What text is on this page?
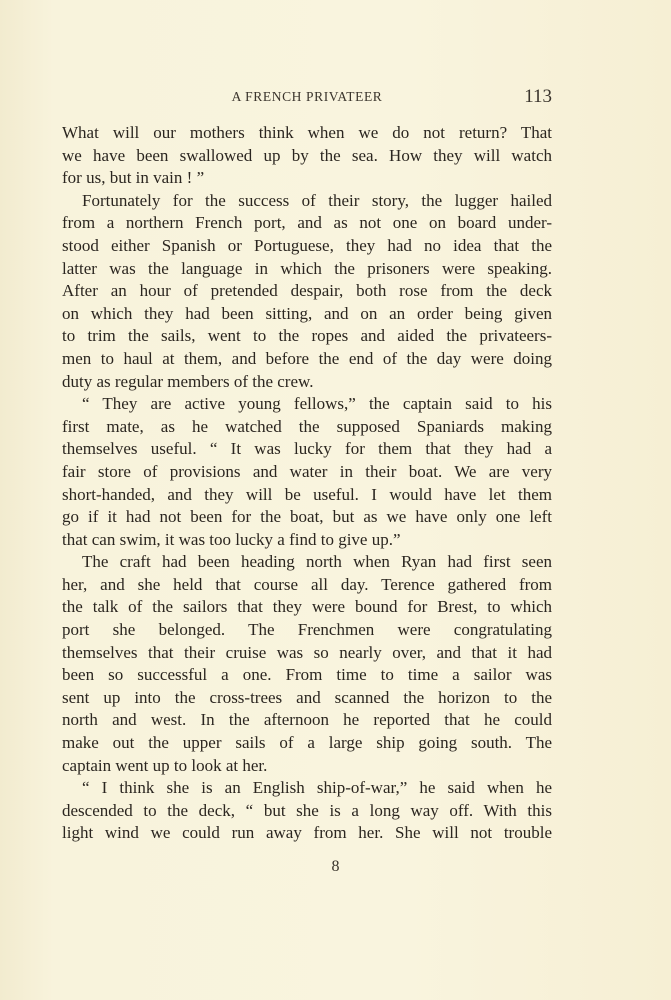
A FRENCH PRIVATEER	113
What will our mothers think when we do not return? That
we have been swallowed up by the sea. How they will watch
for us, but in vain ! ”
Fortunately for the success of their story, the lugger hailed
from a northern French port, and as not one on board under-
stood either Spanish or Portuguese, they had no idea that the
latter was the language in which the prisoners were speaking.
After an hour of pretended despair, both rose from the deck
on which they had been sitting, and on an order being given
to trim the sails, went to the ropes and aided the privateers-
men to haul at them, and before the end of the day were doing
duty as regular members of the crew.
“ They are active young fellows,” the captain said to his
first mate, as he watched the supposed Spaniards making
themselves useful. “ It was lucky for them that they had a
fair store of provisions and water in their boat. We are very
short-handed, and they will be useful. I would have let them
go if it had not been for the boat, but as we have only one left
that can swim, it was too lucky a find to give up.”
The craft had been heading north when Ryan had first seen
her, and she held that course all day. Terence gathered from
the talk of the sailors that they were bound for Brest, to which
port she belonged. The Frenchmen were congratulating
themselves that their cruise was so nearly over, and that it had
been so successful a one. From time to time a sailor was
sent up into the cross-trees and scanned the horizon to the
north and west. In the afternoon he reported that he could
make out the upper sails of a large ship going south. The
captain went up to look at her.
“ I think she is an English ship-of-war,” he said when he
descended to the deck, “ but she is a long way off. With this
light wind we could run away from her. She will not trouble
8
